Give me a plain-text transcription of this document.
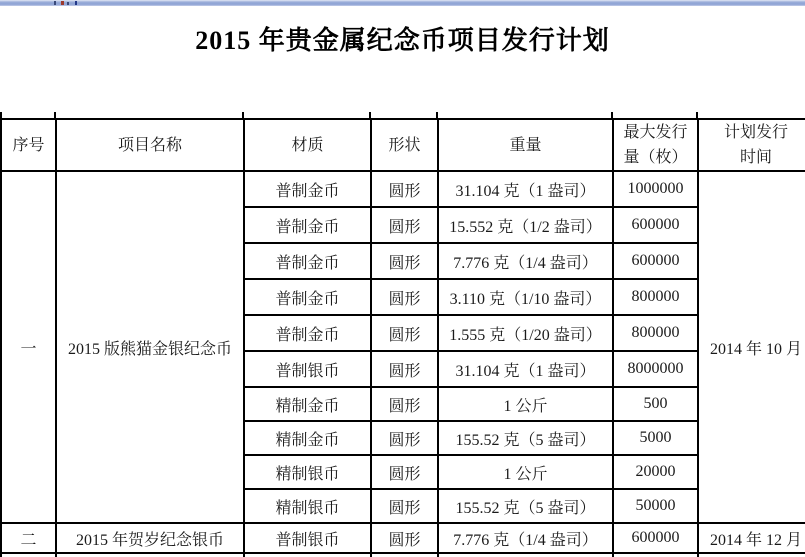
2015 年贵金属纪念币项目发行计划
序号	项目名称	材质	形状	重量	最大发行量（枚）	计划发行时间

一	2015 版熊猫金银纪念币	普制金币	圆形	31.104 克（1 盎司）	1000000	2014 年 10 月
		普制金币	圆形	15.552 克（1/2 盎司）	600000	
		普制金币	圆形	7.776 克（1/4 盎司）	600000	
		普制金币	圆形	3.110 克（1/10 盎司）	800000	
		普制金币	圆形	1.555 克（1/20 盎司）	800000	
		普制银币	圆形	31.104 克（1 盎司）	8000000	
		精制金币	圆形	1 公斤	500	
		精制金币	圆形	155.52 克（5 盎司）	5000	
		精制银币	圆形	1 公斤	20000	
		精制银币	圆形	155.52 克（5 盎司）	50000	
二	2015 年贺岁纪念银币	普制银币	圆形	7.776 克（1/4 盎司）	600000	2014 年 12 月
